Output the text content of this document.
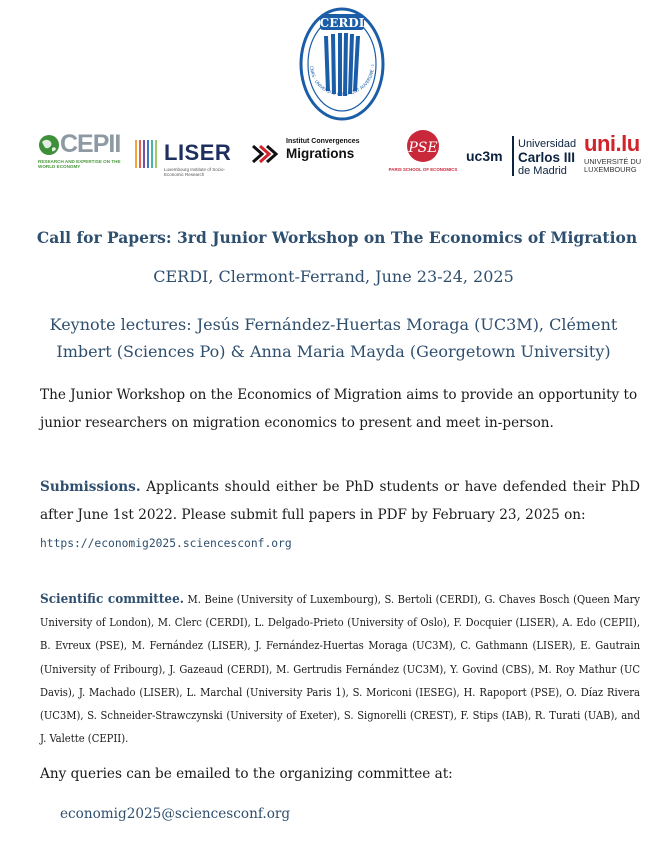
CERDI
CNRS · UNIVERSITÉ CLERMONT AUVERGNE · I
CEPII
RESEARCH AND EXPERTISE ON THE WORLD ECONOMY
LISER
Luxembourg Institute of Socio-Economic Research
Institut Convergences
Migrations	PSE
PARIS SCHOOL OF ECONOMICS
uc3m
Universidad
Carlos III
de Madrid
uni.lu
UNIVERSITÉ DU
LUXEMBOURG
Call for Papers: 3rd Junior Workshop on The Economics of Migration
CERDI, Clermont-Ferrand, June 23-24, 2025
Keynote lectures: Jesús Fernández-Huertas Moraga (UC3M), Clément Imbert (Sciences Po) & Anna Maria Mayda (Georgetown University)
The Junior Workshop on the Economics of Migration aims to provide an opportunity to junior researchers on migration economics to present and meet in-person.
Submissions. Applicants should either be PhD students or have defended their PhD after June 1st 2022. Please submit full papers in PDF by February 23, 2025 on:
https://economig2025.sciencesconf.org
Scientific committee. M. Beine (University of Luxembourg), S. Bertoli (CERDI), G. Chaves Bosch (Queen Mary University of London), M. Clerc (CERDI), L. Delgado-Prieto (University of Oslo), F. Docquier (LISER), A. Edo (CEPII), B. Evreux (PSE), M. Fernández (LISER), J. Fernández-Huertas Moraga (UC3M), C. Gathmann (LISER), E. Gautrain (University of Fribourg), J. Gazeaud (CERDI), M. Gertrudis Fernández (UC3M), Y. Govind (CBS), M. Roy Mathur (UC Davis), J. Machado (LISER), L. Marchal (University Paris 1), S. Moriconi (IESEG), H. Rapoport (PSE), O. Díaz Rivera (UC3M), S. Schneider-Strawczynski (University of Exeter), S. Signorelli (CREST), F. Stips (IAB), R. Turati (UAB), and J. Valette (CEPII).
Any queries can be emailed to the organizing committee at:
economig2025@sciencesconf.org
